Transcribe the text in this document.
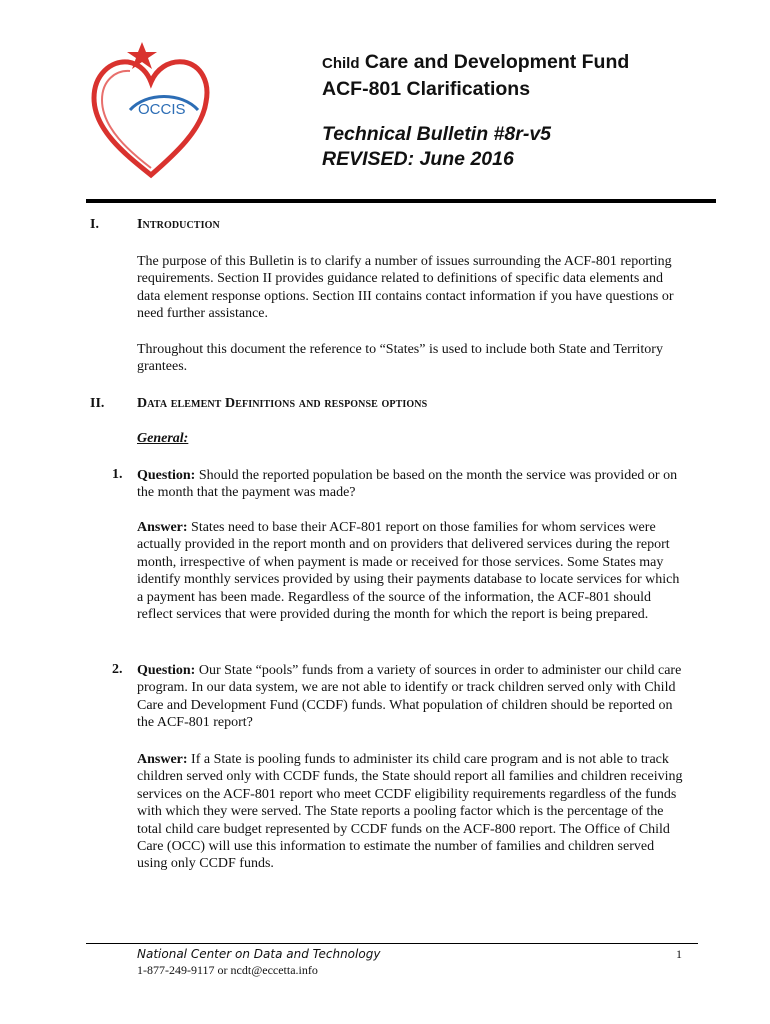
OCCIS
Child Care and Development Fund
ACF-801 Clarifications
Technical Bulletin #8r-v5
REVISED: June 2016
I.	Introduction
The purpose of this Bulletin is to clarify a number of issues surrounding the ACF-801 reporting requirements. Section II provides guidance related to definitions of specific data elements and data element response options. Section III contains contact information if you have questions or need further assistance.
Throughout this document the reference to “States” is used to include both State and Territory grantees.
II. Data element Definitions and response options
General:
1. Question: Should the reported population be based on the month the service was provided or on the month that the payment was made?
Answer: States need to base their ACF-801 report on those families for whom services were actually provided in the report month and on providers that delivered services during the report month, irrespective of when payment is made or received for those services. Some States may identify monthly services provided by using their payments database to locate services for which a payment has been made. Regardless of the source of the information, the ACF-801 should reflect services that were provided during the month for which the report is being prepared.
2. Question: Our State “pools” funds from a variety of sources in order to administer our child care program. In our data system, we are not able to identify or track children served only with Child Care and Development Fund (CCDF) funds. What population of children should be reported on the ACF-801 report?
Answer: If a State is pooling funds to administer its child care program and is not able to track children served only with CCDF funds, the State should report all families and children receiving services on the ACF-801 report who meet CCDF eligibility requirements regardless of the funds with which they were served. The State reports a pooling factor which is the percentage of the total child care budget represented by CCDF funds on the ACF-800 report. The Office of Child Care (OCC) will use this information to estimate the number of families and children served using only CCDF funds.
National Center on Data and Technology
1-877-249-9117 or ncdt@eccetta.info
1
